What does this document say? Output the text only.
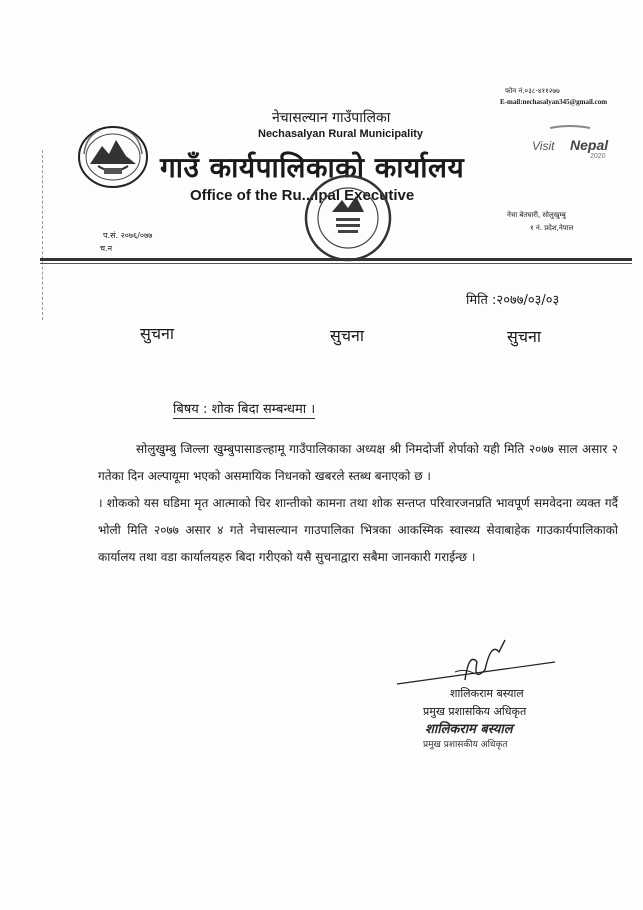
फोन नं.०३८-४११२७७
E-mail:nechasalyan345@gmail.com
Visit Nepal
2020
नेचासल्यान गाउँपालिका
Nechasalyan Rural Municipality
गाउँ कार्यपालिकाको कार्यालय
Office of the Ru...ipal Executive
नेचा बेतघारी, सोलुखुम्बु
१ नं. प्रदेश,नेपाल
प.सं. २०७६/०७७
च.न
मिति :२०७७/०३/०३
सुचना	सुचना	सुचना
बिषय : शोक बिदा सम्बन्धमा ।
सोलुखुम्बु जिल्ला खुम्बुपासाङल्हामू गाउँपालिकाका अध्यक्ष श्री निमदोर्जी शेर्पाको यही मिति २०७७ साल असार २ गतेका दिन अल्पायूमा भएको असमायिक निधनको खबरले स्तब्ध बनाएको छ ।
। शोकको यस घडिमा मृत आत्माको चिर शान्तीको कामना तथा शोक सन्तप्त परिवारजनप्रति भावपूर्ण समवेदना व्यक्त गर्दै भोली मिति २०७७ असार ४ गते नेचासल्यान गाउपालिका भित्रका आकस्मिक स्वास्थ्य सेवाबाहेक गाउकार्यपालिकाको कार्यालय तथा वडा कार्यालयहरु बिदा गरीएको यसै सुचनाद्वारा सबैमा जानकारी गराईन्छ ।
शालिकराम बस्याल
प्रमुख प्रशासकिय अधिकृत
शालिकराम बस्याल
प्रमुख प्रशासकीय अधिकृत
